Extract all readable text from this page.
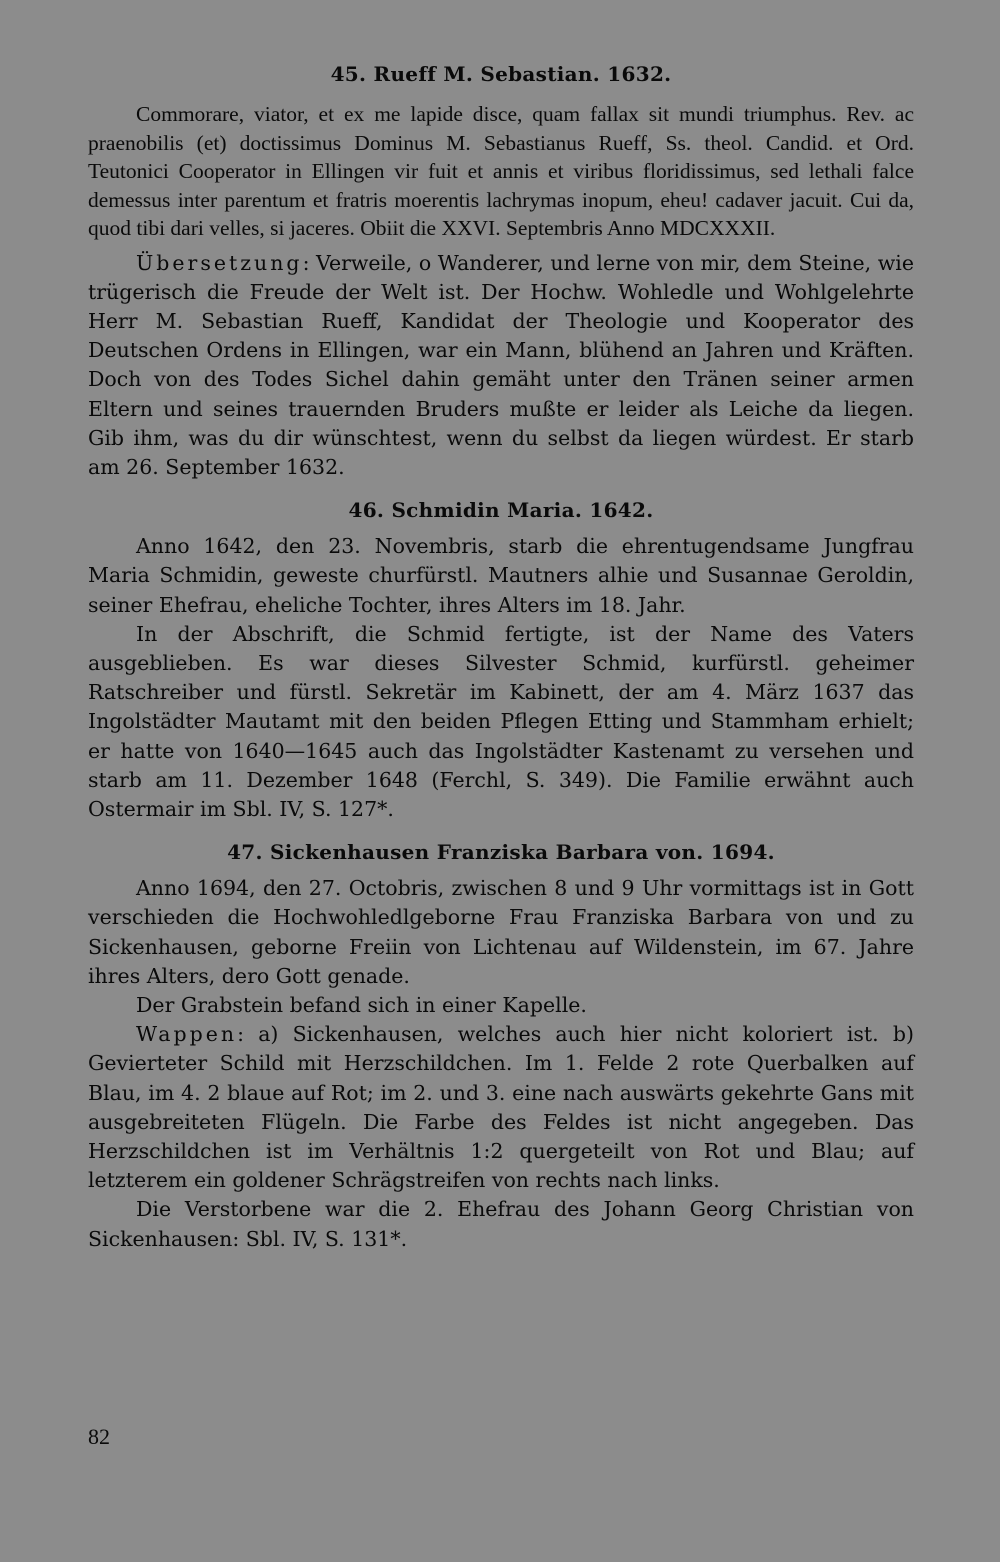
45. Rueff M. Sebastian. 1632.

Commorare, viator, et ex me lapide disce, quam fallax sit mundi triumphus. Rev. ac praenobilis (et) doctissimus Dominus M. Sebastianus Rueff, Ss. theol. Candid. et Ord. Teutonici Cooperator in Ellingen vir fuit et annis et viribus floridissimus, sed lethali falce demessus inter parentum et fratris moerentis lachrymas inopum, eheu! cadaver jacuit. Cui da, quod tibi dari velles, si jaceres. Obiit die XXVI. Septembris Anno MDCXXXII.

Übersetzung: Verweile, o Wanderer, und lerne von mir, dem Steine, wie trügerisch die Freude der Welt ist. Der Hochw. Wohledle und Wohlgelehrte Herr M. Sebastian Rueff, Kandidat der Theologie und Kooperator des Deutschen Ordens in Ellingen, war ein Mann, blühend an Jahren und Kräften. Doch von des Todes Sichel dahin gemäht unter den Tränen seiner armen Eltern und seines trauernden Bruders mußte er leider als Leiche da liegen. Gib ihm, was du dir wünschtest, wenn du selbst da liegen würdest. Er starb am 26. September 1632.

46. Schmidin Maria. 1642.

Anno 1642, den 23. Novembris, starb die ehrentugendsame Jungfrau Maria Schmidin, geweste churfürstl. Mautners alhie und Susannae Geroldin, seiner Ehefrau, eheliche Tochter, ihres Alters im 18. Jahr.

In der Abschrift, die Schmid fertigte, ist der Name des Vaters ausgeblieben. Es war dieses Silvester Schmid, kurfürstl. geheimer Ratschreiber und fürstl. Sekretär im Kabinett, der am 4. März 1637 das Ingolstädter Mautamt mit den beiden Pflegen Etting und Stammham erhielt; er hatte von 1640—1645 auch das Ingolstädter Kastenamt zu versehen und starb am 11. Dezember 1648 (Ferchl, S. 349). Die Familie erwähnt auch Ostermair im Sbl. IV, S. 127*.

47. Sickenhausen Franziska Barbara von. 1694.

Anno 1694, den 27. Octobris, zwischen 8 und 9 Uhr vormittags ist in Gott verschieden die Hochwohledlgeborne Frau Franziska Barbara von und zu Sickenhausen, geborne Freiin von Lichtenau auf Wildenstein, im 67. Jahre ihres Alters, dero Gott genade.

Der Grabstein befand sich in einer Kapelle.

Wappen: a) Sickenhausen, welches auch hier nicht koloriert ist. b) Gevierteter Schild mit Herzschildchen. Im 1. Felde 2 rote Querbalken auf Blau, im 4. 2 blaue auf Rot; im 2. und 3. eine nach auswärts gekehrte Gans mit ausgebreiteten Flügeln. Die Farbe des Feldes ist nicht angegeben. Das Herzschildchen ist im Verhältnis 1:2 quergeteilt von Rot und Blau; auf letzterem ein goldener Schrägstreifen von rechts nach links.

Die Verstorbene war die 2. Ehefrau des Johann Georg Christian von Sickenhausen: Sbl. IV, S. 131*.

82
